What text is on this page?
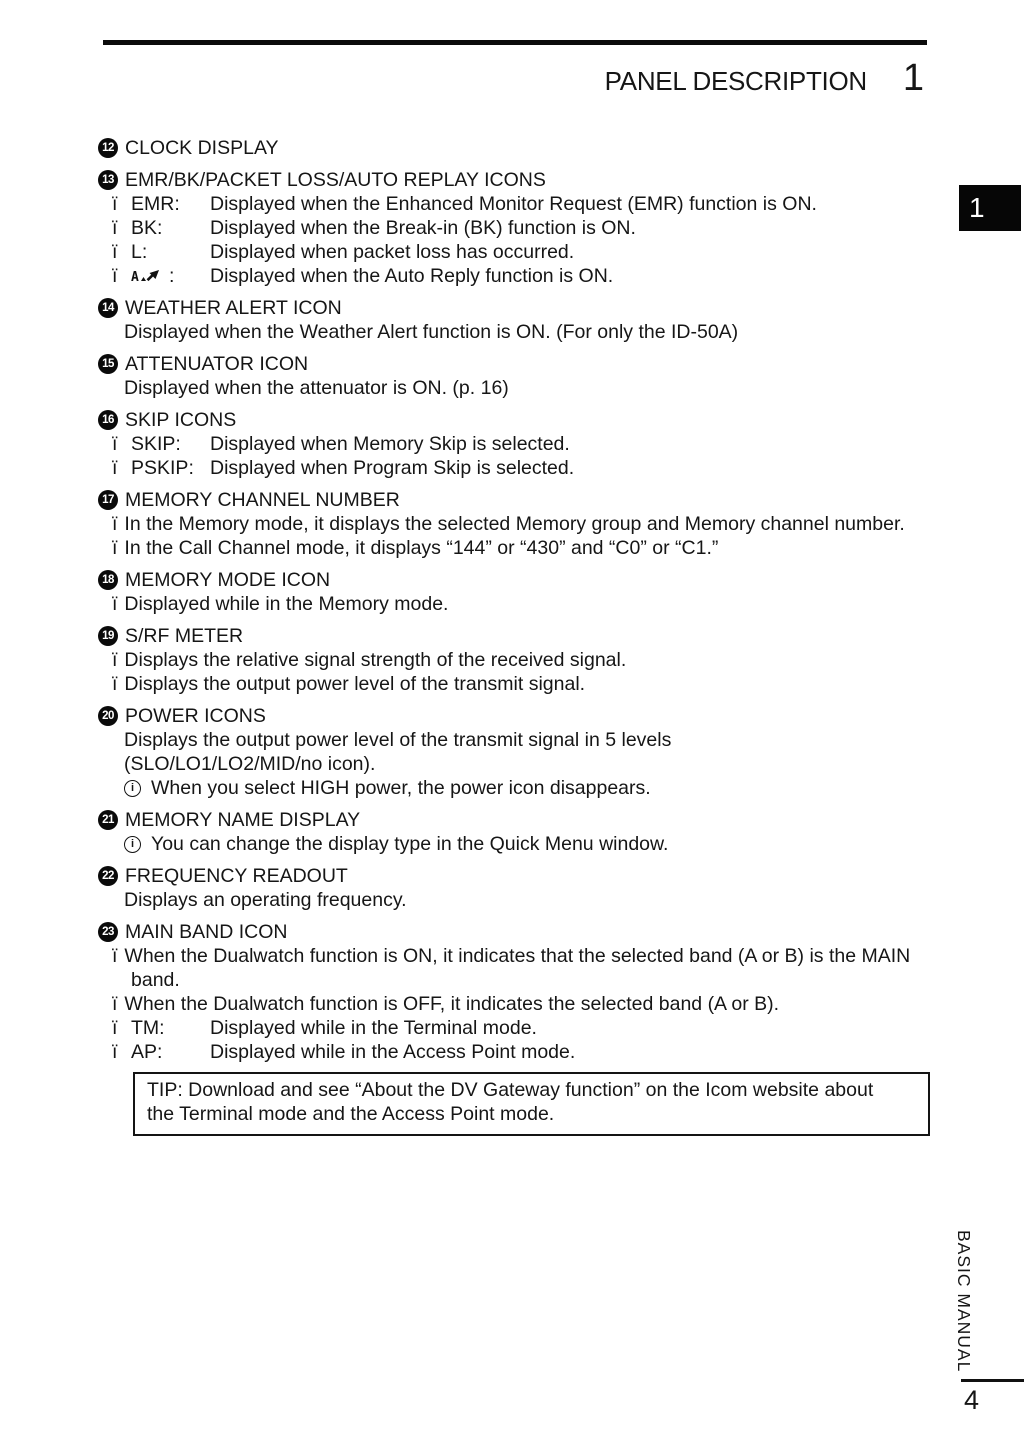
PANEL DESCRIPTION 1
1
12 CLOCK DISPLAY
13 EMR/BK/PACKET LOSS/AUTO REPLAY ICONS
ï EMR:	Displayed when the Enhanced Monitor Request (EMR) function is ON.
ï BK:	Displayed when the Break-in (BK) function is ON.
ï L:	Displayed when packet loss has occurred.
ï	A :	Displayed when the Auto Reply function is ON.
14 WEATHER ALERT ICON

Displayed when the Weather Alert function is ON. (For only the ID-50A)

15 ATTENUATOR ICON

Displayed when the attenuator is ON. (p. 16)

16 SKIP ICONS
ï SKIP:	Displayed when Memory Skip is selected.
ï PSKIP: Displayed when Program Skip is selected.
17 MEMORY CHANNEL NUMBER

ï In the Memory mode, it displays the selected Memory group and Memory channel number.

ï In the Call Channel mode, it displays “144” or “430” and “C0” or “C1.”

18 MEMORY MODE ICON

ï Displayed while in the Memory mode.

19 S/RF METER

ï Displays the relative signal strength of the received signal.

ï Displays the output power level of the transmit signal.

20 POWER ICONS

Displays the output power level of the transmit signal in 5 levels (SLO/LO1/LO2/MID/no icon).

i When you select HIGH power, the power icon disappears.
21 MEMORY NAME DISPLAY
i You can change the display type in the Quick Menu window.
22 FREQUENCY READOUT

Displays an operating frequency.

23 MAIN BAND ICON

ï When the Dualwatch function is ON, it indicates that the selected band (A or B) is the MAIN band.

ï When the Dualwatch function is OFF, it indicates the selected band (A or B).

ï TM:	Displayed while in the Terminal mode.
ï AP:	Displayed while in the Access Point mode.

TIP: Download and see “About the DV Gateway function” on the Icom website about the Terminal mode and the Access Point mode.

BASIC MANUAL
4
